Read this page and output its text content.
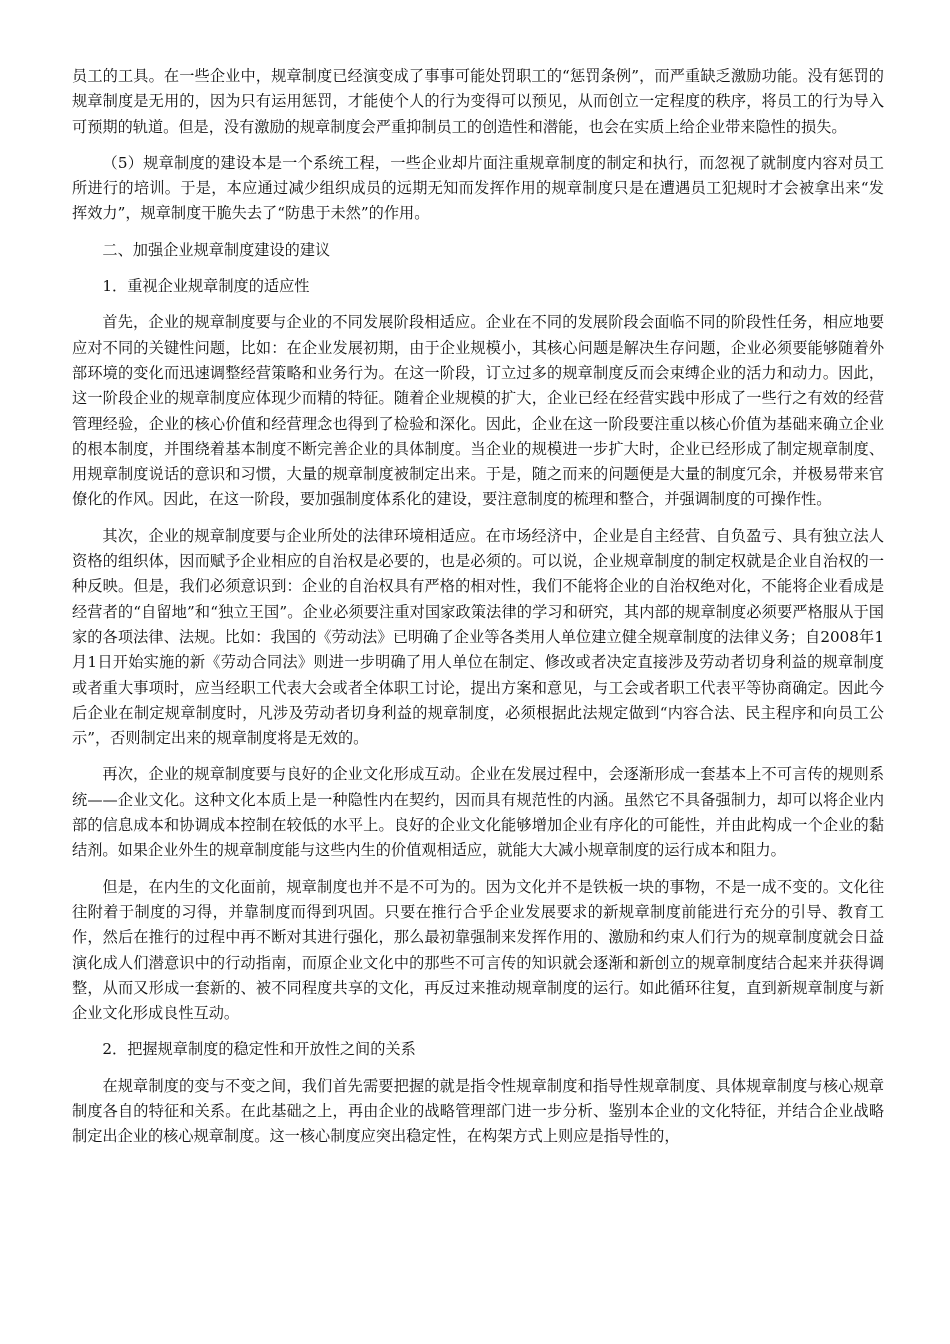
员工的工具。在一些企业中，规章制度已经演变成了事事可能处罚职工的“惩罚条例”，而严重缺乏激励功能。没有惩罚的规章制度是无用的，因为只有运用惩罚，才能使个人的行为变得可以预见，从而创立一定程度的秩序，将员工的行为导入可预期的轨道。但是，没有激励的规章制度会严重抑制员工的创造性和潜能，也会在实质上给企业带来隐性的损失。

（5）规章制度的建设本是一个系统工程，一些企业却片面注重规章制度的制定和执行，而忽视了就制度内容对员工所进行的培训。于是，本应通过减少组织成员的远期无知而发挥作用的规章制度只是在遭遇员工犯规时才会被拿出来“发挥效力”，规章制度干脆失去了“防患于未然”的作用。

二、加强企业规章制度建设的建议

1．重视企业规章制度的适应性

首先，企业的规章制度要与企业的不同发展阶段相适应。企业在不同的发展阶段会面临不同的阶段性任务，相应地要应对不同的关键性问题，比如：在企业发展初期，由于企业规模小，其核心问题是解决生存问题，企业必须要能够随着外部环境的变化而迅速调整经营策略和业务行为。在这一阶段，订立过多的规章制度反而会束缚企业的活力和动力。因此，这一阶段企业的规章制度应体现少而精的特征。随着企业规模的扩大，企业已经在经营实践中形成了一些行之有效的经营管理经验，企业的核心价值和经营理念也得到了检验和深化。因此，企业在这一阶段要注重以核心价值为基础来确立企业的根本制度，并围绕着基本制度不断完善企业的具体制度。当企业的规模进一步扩大时，企业已经形成了制定规章制度、用规章制度说话的意识和习惯，大量的规章制度被制定出来。于是，随之而来的问题便是大量的制度冗余，并极易带来官僚化的作风。因此，在这一阶段，要加强制度体系化的建设，要注意制度的梳理和整合，并强调制度的可操作性。

其次，企业的规章制度要与企业所处的法律环境相适应。在市场经济中，企业是自主经营、自负盈亏、具有独立法人资格的组织体，因而赋予企业相应的自治权是必要的，也是必须的。可以说，企业规章制度的制定权就是企业自治权的一种反映。但是，我们必须意识到：企业的自治权具有严格的相对性，我们不能将企业的自治权绝对化，不能将企业看成是经营者的“自留地”和“独立王国”。企业必须要注重对国家政策法律的学习和研究，其内部的规章制度必须要严格服从于国家的各项法律、法规。比如：我国的《劳动法》已明确了企业等各类用人单位建立健全规章制度的法律义务；自2008年1月1日开始实施的新《劳动合同法》则进一步明确了用人单位在制定、修改或者决定直接涉及劳动者切身利益的规章制度或者重大事项时，应当经职工代表大会或者全体职工讨论，提出方案和意见，与工会或者职工代表平等协商确定。因此今后企业在制定规章制度时，凡涉及劳动者切身利益的规章制度，必须根据此法规定做到“内容合法、民主程序和向员工公示”，否则制定出来的规章制度将是无效的。

再次，企业的规章制度要与良好的企业文化形成互动。企业在发展过程中，会逐渐形成一套基本上不可言传的规则系统——企业文化。这种文化本质上是一种隐性内在契约，因而具有规范性的内涵。虽然它不具备强制力，却可以将企业内部的信息成本和协调成本控制在较低的水平上。良好的企业文化能够增加企业有序化的可能性，并由此构成一个企业的黏结剂。如果企业外生的规章制度能与这些内生的价值观相适应，就能大大减小规章制度的运行成本和阻力。

但是，在内生的文化面前，规章制度也并不是不可为的。因为文化并不是铁板一块的事物，不是一成不变的。文化往往附着于制度的习得，并靠制度而得到巩固。只要在推行合乎企业发展要求的新规章制度前能进行充分的引导、教育工作，然后在推行的过程中再不断对其进行强化，那么最初靠强制来发挥作用的、激励和约束人们行为的规章制度就会日益演化成人们潜意识中的行动指南，而原企业文化中的那些不可言传的知识就会逐渐和新创立的规章制度结合起来并获得调整，从而又形成一套新的、被不同程度共享的文化，再反过来推动规章制度的运行。如此循环往复，直到新规章制度与新企业文化形成良性互动。

2．把握规章制度的稳定性和开放性之间的关系

在规章制度的变与不变之间，我们首先需要把握的就是指令性规章制度和指导性规章制度、具体规章制度与核心规章制度各自的特征和关系。在此基础之上，再由企业的战略管理部门进一步分析、鉴别本企业的文化特征，并结合企业战略制定出企业的核心规章制度。这一核心制度应突出稳定性，在构架方式上则应是指导性的，
